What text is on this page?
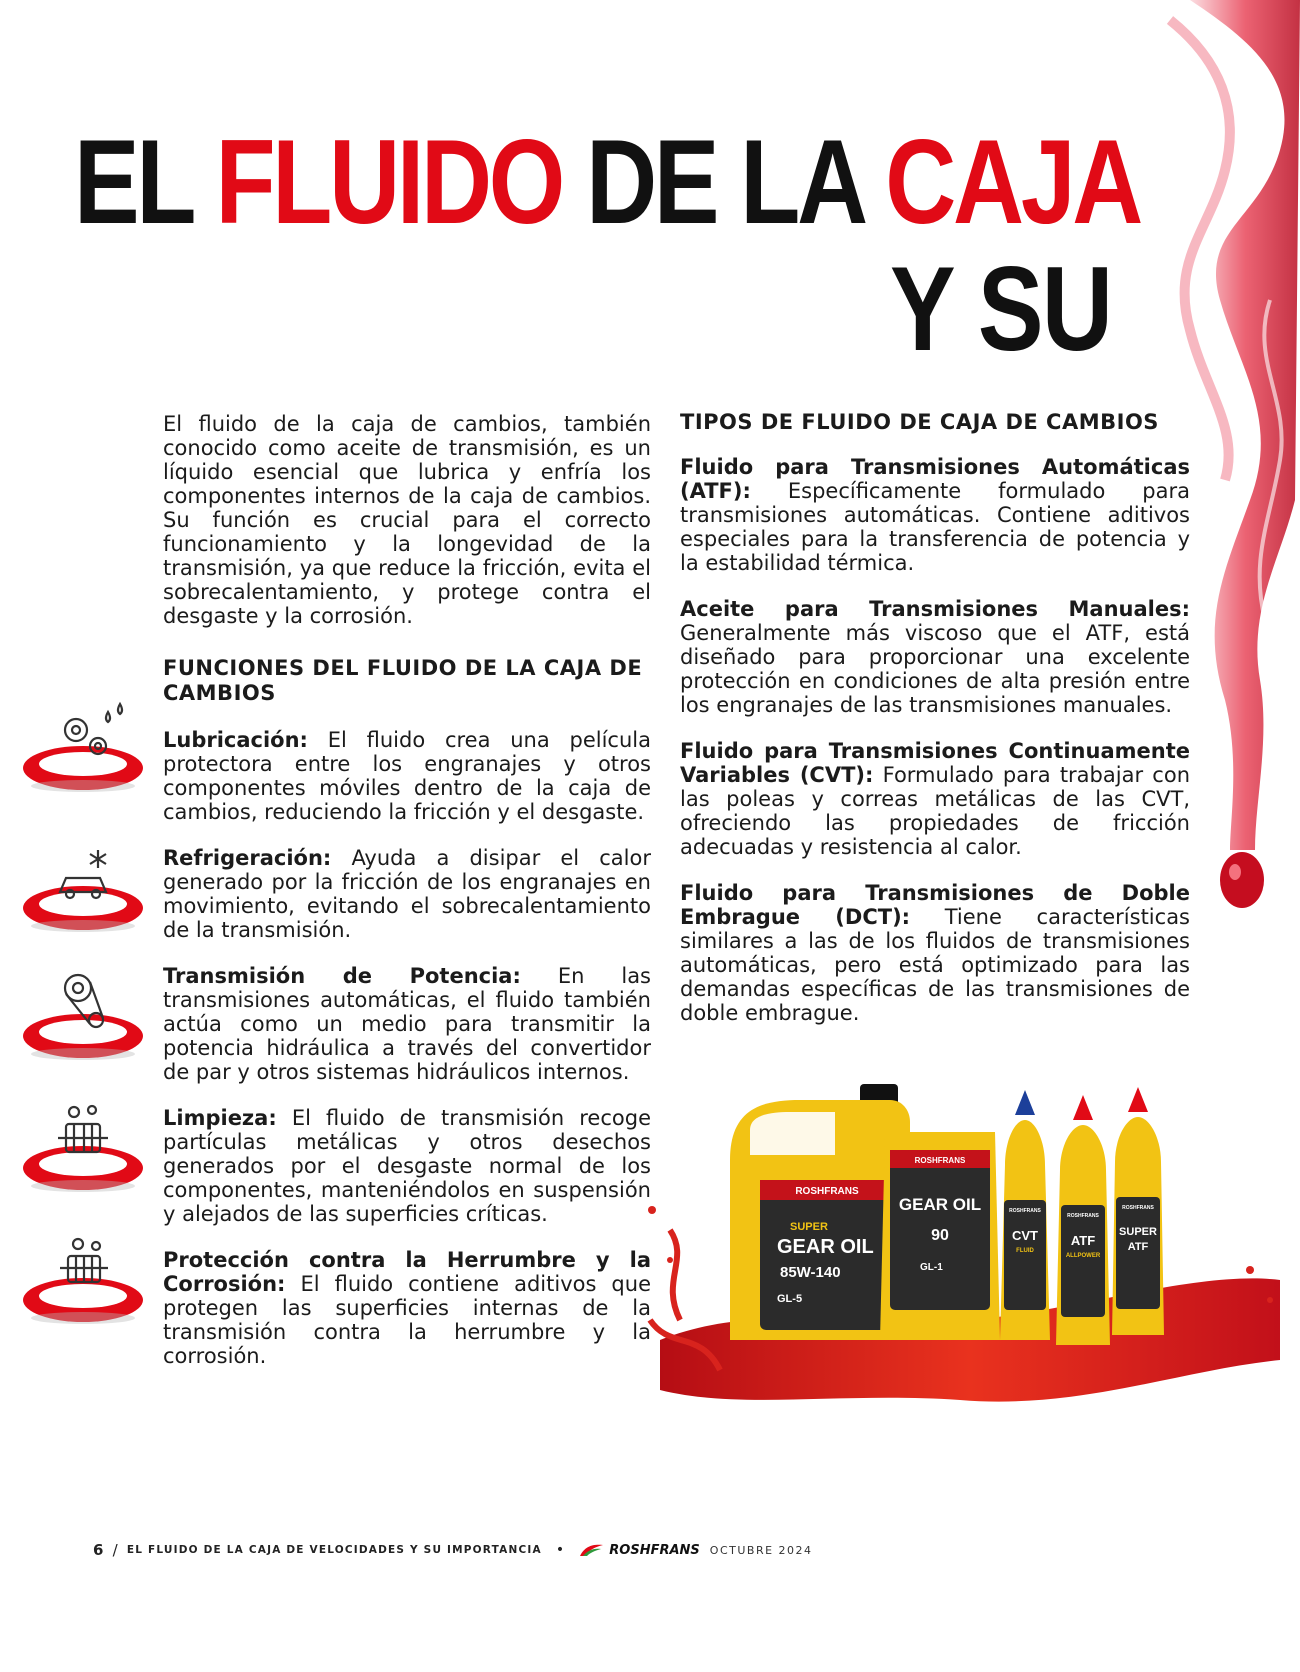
EL FLUIDO DE LA CAJA
Y SU

El fluido de la caja de cambios, también conocido como aceite de transmisión, es un líquido esencial que lubrica y enfría los componentes internos de la caja de cambios. Su función es crucial para el correcto funcionamiento y la longevidad de la transmisión, ya que reduce la fricción, evita el sobrecalentamiento, y protege contra el desgaste y la corrosión.

FUNCIONES DEL FLUIDO DE LA CAJA DE CAMBIOS

Lubricación: El fluido crea una película protectora entre los engranajes y otros componentes móviles dentro de la caja de cambios, reduciendo la fricción y el desgaste.

Refrigeración: Ayuda a disipar el calor generado por la fricción de los engranajes en movimiento, evitando el sobrecalentamiento de la transmisión.

Transmisión de Potencia: En las transmisiones automáticas, el fluido también actúa como un medio para transmitir la potencia hidráulica a través del convertidor de par y otros sistemas hidráulicos internos.

Limpieza: El fluido de transmisión recoge partículas metálicas y otros desechos generados por el desgaste normal de los componentes, manteniéndolos en suspensión y alejados de las superficies críticas.

Protección contra la Herrumbre y la Corrosión: El fluido contiene aditivos que protegen las superficies internas de la transmisión contra la herrumbre y la corrosión.

TIPOS DE FLUIDO DE CAJA DE CAMBIOS

Fluido para Transmisiones Automáticas (ATF): Específicamente formulado para transmisiones automáticas. Contiene aditivos especiales para la transferencia de potencia y la estabilidad térmica.

Aceite para Transmisiones Manuales: Generalmente más viscoso que el ATF, está diseñado para proporcionar una excelente protección en condiciones de alta presión entre los engranajes de las transmisiones manuales.

Fluido para Transmisiones Continuamente Variables (CVT): Formulado para trabajar con las poleas y correas metálicas de las CVT, ofreciendo las propiedades de fricción adecuadas y resistencia al calor.

Fluido para Transmisiones de Doble Embrague (DCT): Tiene características similares a las de los fluidos de transmisiones automáticas, pero está optimizado para las demandas específicas de las transmisiones de doble embrague.

ROSHFRANS
SUPER
GEAR OIL
85W-140
GL-5
ROSHFRANS
GEAR OIL
90
GL-1
ROSHFRANS
CVT
FLUID
ROSHFRANS
ATF
ALLPOWER
ROSHFRANS
SUPER
ATF
6 / EL FLUIDO DE LA CAJA DE VELOCIDADES Y SU IMPORTANCIA •	ROSHFRANS OCTUBRE 2024
